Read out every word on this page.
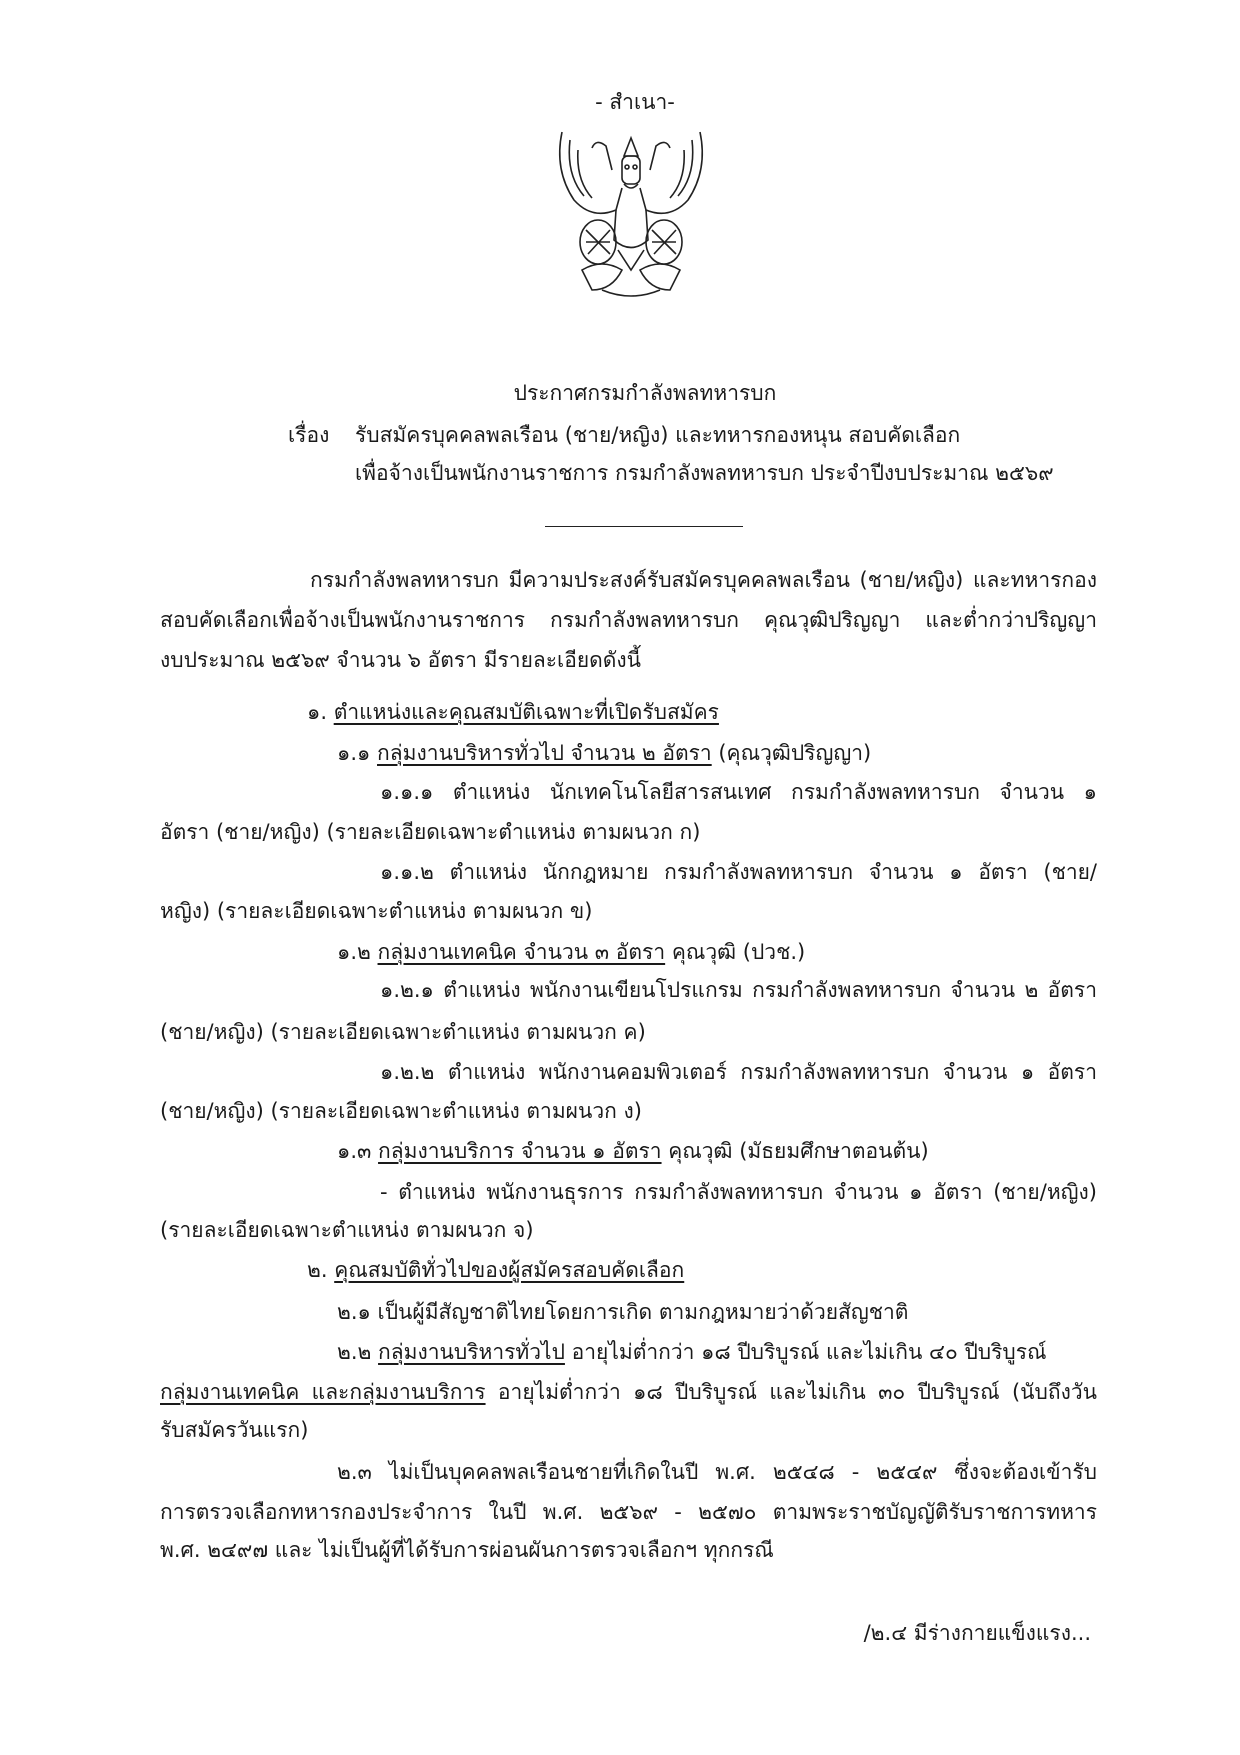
- สำเนา-
ประกาศกรมกำลังพลทหารบก
เรื่อง รับสมัครบุคคลพลเรือน (ชาย/หญิง) และทหารกองหนุน สอบคัดเลือก
เพื่อจ้างเป็นพนักงานราชการ กรมกำลังพลทหารบก ประจำปีงบประมาณ ๒๕๖๙
กรมกำลังพลทหารบก มีความประสงค์รับสมัครบุคคลพลเรือน (ชาย/หญิง) และทหารกอง
สอบคัดเลือกเพื่อจ้างเป็นพนักงานราชการ กรมกำลังพลทหารบก คุณวุฒิปริญญา และต่ำกว่าปริญญา
งบประมาณ ๒๕๖๙ จำนวน ๖ อัตรา มีรายละเอียดดังนี้
๑. ตำแหน่งและคุณสมบัติเฉพาะที่เปิดรับสมัคร
๑.๑ กลุ่มงานบริหารทั่วไป จำนวน ๒ อัตรา (คุณวุฒิปริญญา)
๑.๑.๑ ตำแหน่ง นักเทคโนโลยีสารสนเทศ กรมกำลังพลทหารบก จำนวน ๑
อัตรา (ชาย/หญิง) (รายละเอียดเฉพาะตำแหน่ง ตามผนวก ก)
๑.๑.๒ ตำแหน่ง นักกฎหมาย กรมกำลังพลทหารบก จำนวน ๑ อัตรา (ชาย/
หญิง) (รายละเอียดเฉพาะตำแหน่ง ตามผนวก ข)
๑.๒ กลุ่มงานเทคนิค จำนวน ๓ อัตรา คุณวุฒิ (ปวช.)
๑.๒.๑ ตำแหน่ง พนักงานเขียนโปรแกรม กรมกำลังพลทหารบก จำนวน ๒ อัตรา
(ชาย/หญิง) (รายละเอียดเฉพาะตำแหน่ง ตามผนวก ค)
๑.๒.๒ ตำแหน่ง พนักงานคอมพิวเตอร์ กรมกำลังพลทหารบก จำนวน ๑ อัตรา
(ชาย/หญิง) (รายละเอียดเฉพาะตำแหน่ง ตามผนวก ง)
๑.๓ กลุ่มงานบริการ จำนวน ๑ อัตรา คุณวุฒิ (มัธยมศึกษาตอนต้น)
- ตำแหน่ง พนักงานธุรการ กรมกำลังพลทหารบก จำนวน ๑ อัตรา (ชาย/หญิง)
(รายละเอียดเฉพาะตำแหน่ง ตามผนวก จ)
๒. คุณสมบัติทั่วไปของผู้สมัครสอบคัดเลือก
๒.๑ เป็นผู้มีสัญชาติไทยโดยการเกิด ตามกฎหมายว่าด้วยสัญชาติ
๒.๒ กลุ่มงานบริหารทั่วไป อายุไม่ต่ำกว่า ๑๘ ปีบริบูรณ์ และไม่เกิน ๔๐ ปีบริบูรณ์
กลุ่มงานเทคนิค และกลุ่มงานบริการ อายุไม่ต่ำกว่า ๑๘ ปีบริบูรณ์ และไม่เกิน ๓๐ ปีบริบูรณ์ (นับถึงวัน
รับสมัครวันแรก)
๒.๓ ไม่เป็นบุคคลพลเรือนชายที่เกิดในปี พ.ศ. ๒๕๔๘ - ๒๕๔๙ ซึ่งจะต้องเข้ารับ
การตรวจเลือกทหารกองประจำการ ในปี พ.ศ. ๒๕๖๙ - ๒๕๗๐ ตามพระราชบัญญัติรับราชการทหาร
พ.ศ. ๒๔๙๗ และ ไม่เป็นผู้ที่ได้รับการผ่อนผันการตรวจเลือกฯ ทุกกรณี
/๒.๔ มีร่างกายแข็งแรง...
